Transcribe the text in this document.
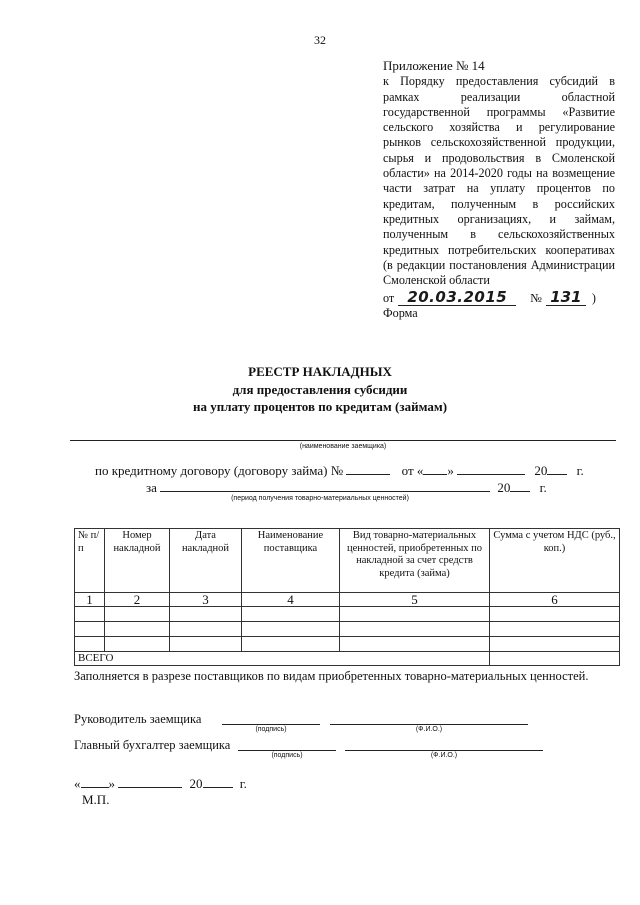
32
Приложение № 14
к Порядку предоставления субсидий в рамках реализации областной государственной программы «Развитие сельского хозяйства и регулирование рынков сельскохозяйственной продукции, сырья и продовольствия в Смоленской области» на 2014-2020 годы на возмещение части затрат на уплату процентов по кредитам, полученным в российских кредитных организациях, и займам, полученным в сельскохозяйственных кредитных потребительских кооперативах (в редакции постановления Администрации Смоленской области
от 20.03.2015	№ 131 )
Форма
РЕЕСТР НАКЛАДНЫХ
для предоставления субсидии
на уплату процентов по кредитам (займам)
(наименование заемщика)
по кредитному договору (договору займа) №	от « »	20 г.
за	20 г.
(период получения товарно-материальных ценностей)
№ п/п	Номер накладной	Дата накладной	Наименование поставщика	Вид товарно-материальных ценностей, приобретенных по накладной за счет средств кредита (займа)	Сумма с учетом НДС (руб., коп.)
1	2	3	4	5	6

ВСЕГО					
Заполняется в разрезе поставщиков по видам приобретенных товарно-материальных ценностей.
Руководитель заемщика
(подпись)	(Ф.И.О.)
Главный бухгалтер заемщика
(подпись)	(Ф.И.О.)
« »	20	г.
М.П.
